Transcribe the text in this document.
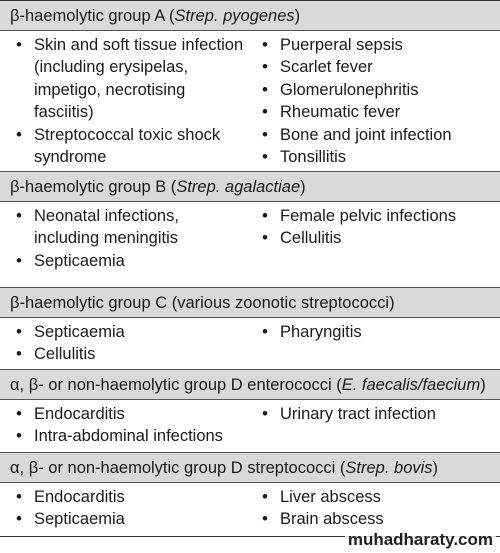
β-haemolytic group A (Strep. pyogenes)
• Skin and soft tissue infection (including erysipelas, impetigo, necrotising fasciitis)
• Streptococcal toxic shock syndrome
• Puerperal sepsis
• Scarlet fever
• Glomerulonephritis
• Rheumatic fever
• Bone and joint infection
• Tonsillitis
β-haemolytic group B (Strep. agalactiae)
• Neonatal infections, including meningitis
• Septicaemia
• Female pelvic infections
• Cellulitis
β-haemolytic group C (various zoonotic streptococci)
• Septicaemia
• Cellulitis
• Pharyngitis
α, β- or non-haemolytic group D enterococci (E. faecalis/faecium)
• Endocarditis
• Intra-abdominal infections
• Urinary tract infection
α, β- or non-haemolytic group D streptococci (Strep. bovis)
• Endocarditis
• Septicaemia
• Liver abscess
• Brain abscess
muhadharaty.com
